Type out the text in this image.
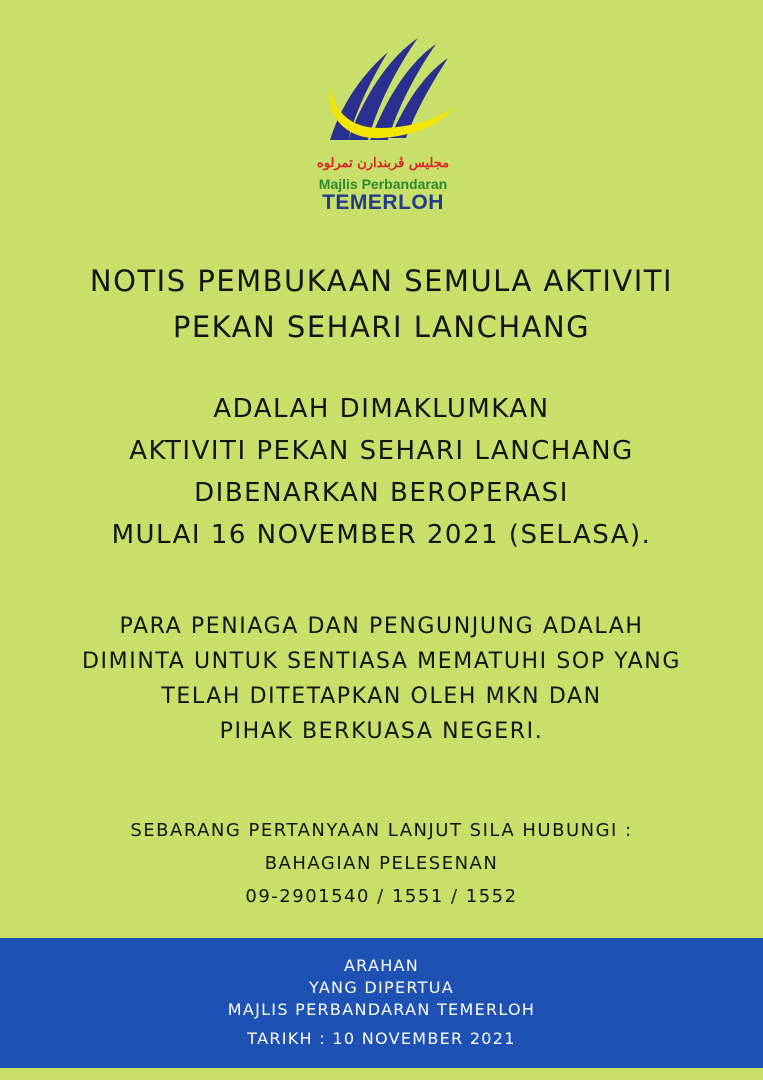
مجليس ڤربندارن تمرلوه
Majlis Perbandaran
TEMERLOH
NOTIS PEMBUKAAN SEMULA AKTIVITI
PEKAN SEHARI LANCHANG
ADALAH DIMAKLUMKAN
AKTIVITI PEKAN SEHARI LANCHANG
DIBENARKAN BEROPERASI
MULAI 16 NOVEMBER 2021 (SELASA).
PARA PENIAGA DAN PENGUNJUNG ADALAH
DIMINTA UNTUK SENTIASA MEMATUHI SOP YANG
TELAH DITETAPKAN OLEH MKN DAN
PIHAK BERKUASA NEGERI.
SEBARANG PERTANYAAN LANJUT SILA HUBUNGI :
BAHAGIAN PELESENAN
09-2901540 / 1551 / 1552
ARAHAN
YANG DIPERTUA
MAJLIS PERBANDARAN TEMERLOH
TARIKH : 10 NOVEMBER 2021
